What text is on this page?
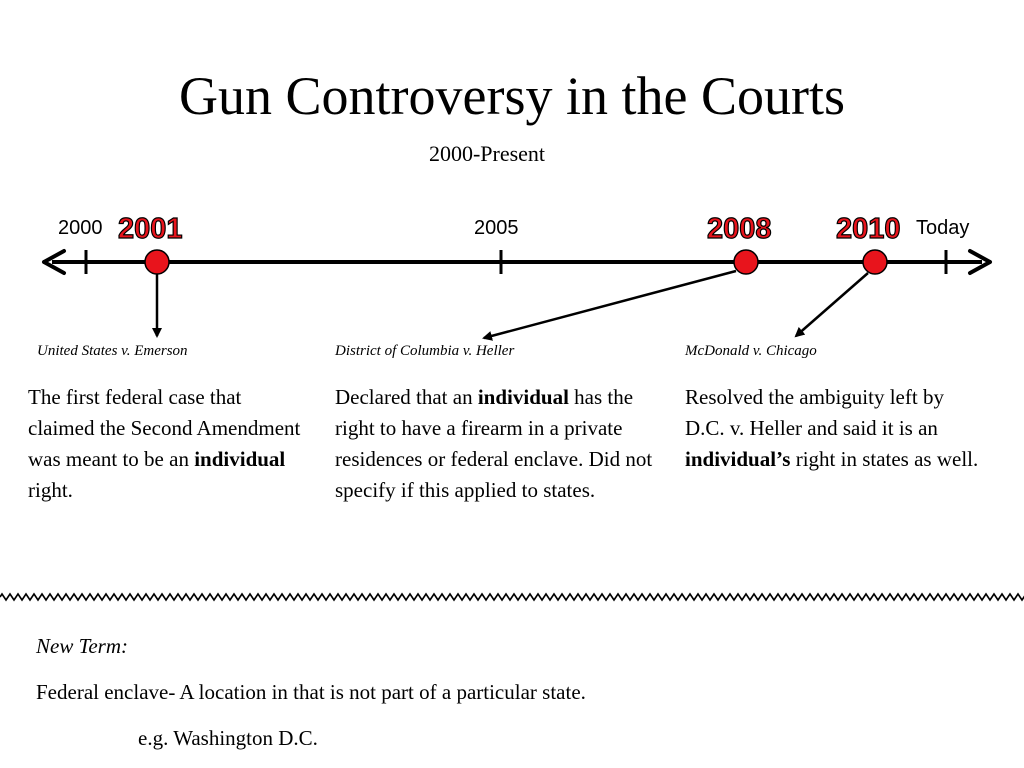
Gun Controversy in the Courts
2000-Present
2000	2005	Today
2001	2008 2010
United States v. Emerson	District of Columbia v. Heller	McDonald v. Chicago
The first federal case that claimed the Second Amendment was meant to be an individual right.
Declared that an individual has the right to have a firearm in a private residences or federal enclave. Did not specify if this applied to states.
Resolved the ambiguity left by D.C. v. Heller and said it is an individual’s right in states as well.
New Term:
Federal enclave- A location in that is not part of a particular state.
e.g. Washington D.C.
